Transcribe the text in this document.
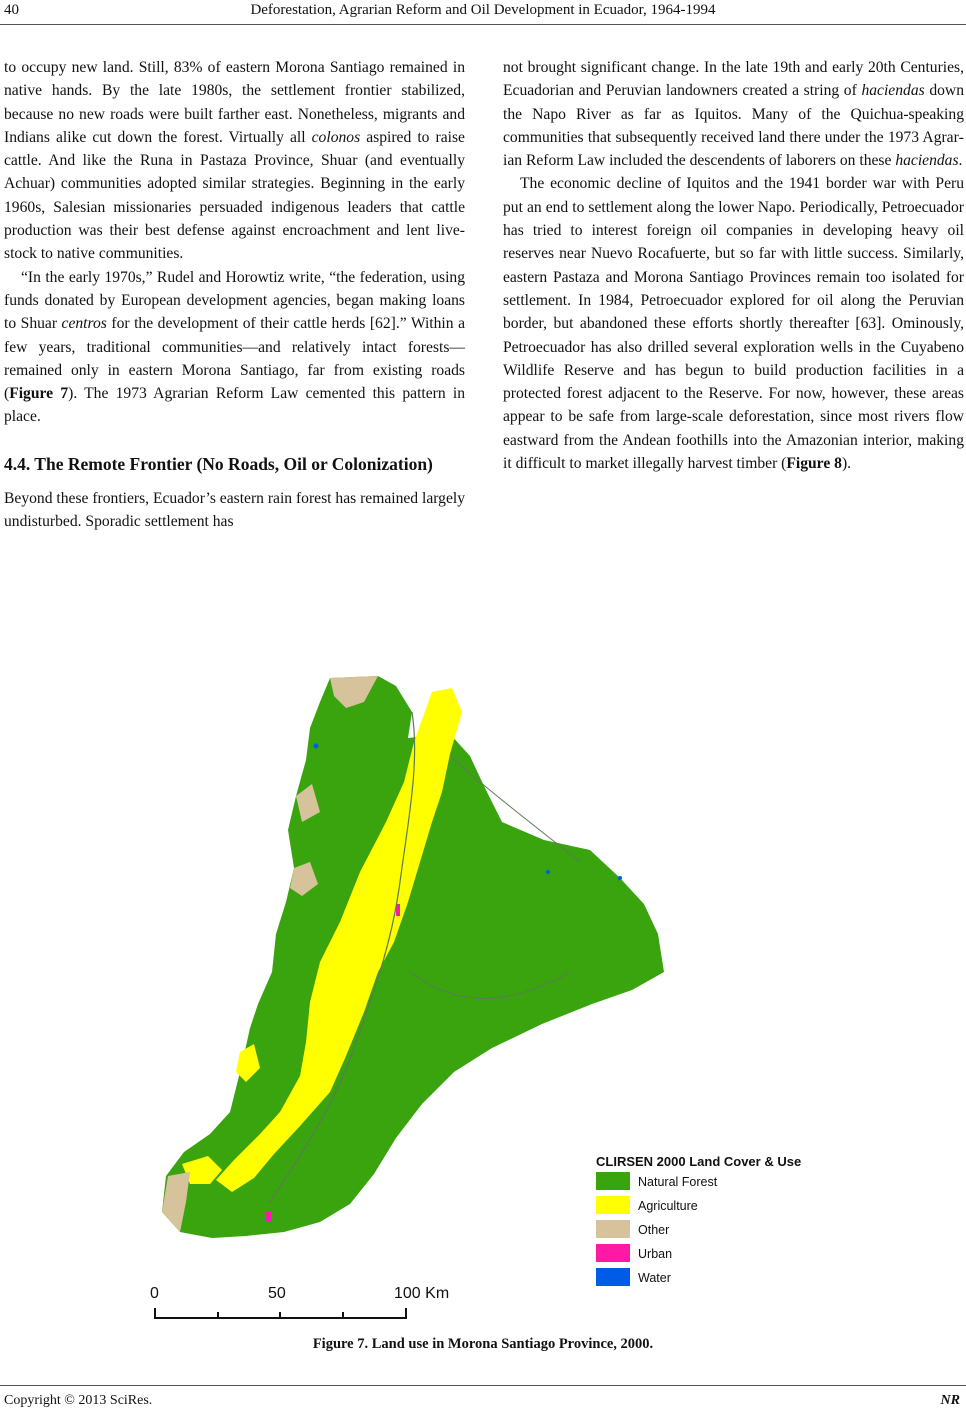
40	Deforestation, Agrarian Reform and Oil Development in Ecuador, 1964-1994

to occupy new land. Still, 83% of eastern Morona Santiago remained in native hands. By the late 1980s, the settlement frontier stabilized, because no new roads were built farther east. Nonetheless, migrants and Indians alike cut down the forest. Virtually all colonos aspired to raise cattle. And like the Runa in Pastaza Province, Shuar (and eventually Achuar) communities adopted similar strategies. Beginning in the early 1960s, Salesian missionaries persuaded indigenous leaders that cattle production was their best defense against encroachment and lent livestock to native communities.

“In the early 1970s,” Rudel and Horowtiz write, “the federation, using funds donated by European development agencies, began making loans to Shuar centros for the development of their cattle herds [62].” Within a few years, traditional communities—and relatively intact forests—remained only in eastern Morona Santiago, far from existing roads (Figure 7). The 1973 Agrarian Reform Law cemented this pattern in place.

4.4. The Remote Frontier (No Roads, Oil or Colonization)

Beyond these frontiers, Ecuador’s eastern rain forest has remained largely undisturbed. Sporadic settlement has

not brought significant change. In the late 19th and early 20th Centuries, Ecuadorian and Peruvian landowners created a string of haciendas down the Napo River as far as Iquitos. Many of the Quichua-speaking communities that subsequently received land there under the 1973 Agrarian Reform Law included the descendents of laborers on these haciendas.

The economic decline of Iquitos and the 1941 border war with Peru put an end to settlement along the lower Napo. Periodically, Petroecuador has tried to interest foreign oil companies in developing heavy oil reserves near Nuevo Rocafuerte, but so far with little success. Similarly, eastern Pastaza and Morona Santiago Provinces remain too isolated for settlement. In 1984, Petroecuador explored for oil along the Peruvian border, but abandoned these efforts shortly thereafter [63]. Ominously, Petroecuador has also drilled several exploration wells in the Cuyabeno Wildlife Reserve and has begun to build production facilities in a protected forest adjacent to the Reserve. For now, however, these areas appear to be safe from large-scale deforestation, since most rivers flow eastward from the Andean foothills into the Amazonian interior, making it difficult to market illegally harvest timber (Figure 8).

CLIRSEN 2000 Land Cover & Use
Natural Forest
Agriculture
Other
Urban
Water
0	50	100 Km
Figure 7. Land use in Morona Santiago Province, 2000.
Copyright © 2013 SciRes.	NR
